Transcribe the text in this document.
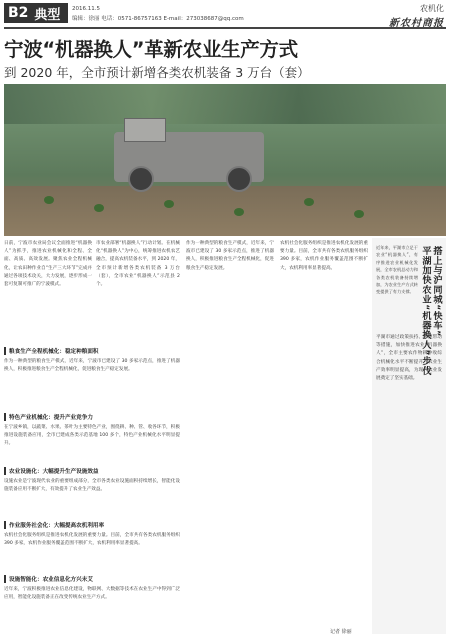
B2 典型 2016.11.5
编辑：徐丽 电话：0571-86757163 E-mail：273038687@qq.com
农机化
新农村商报
宁波“机器换人”革新农业生产方式
到 2020 年，全市预计新增各类农机装备 3 万台（套）
日前，宁波市农业局会议全面推进“机器换人”为抓手，推进农业机械化和全程、全面、高质、高效发展。聚焦农业全程机械化，让农田种作业自“生产三大环节”完成并通过各项技术攻关，大力发展，逐步形成一套可复制可推广的宁波模式。
市农业部署“机器换人”行动计划。在机械化“机器换人”为中心，统筹推进农机农艺融合，提高农机装备水平，到 2020 年，全市预计新增各类农机装备 3 万台（套），全市农业“机器换人”示范县 2 个。
粮食生产全程机械化：稳定种粮面积
作为一种典型的粮食生产模式，近年来，宁波市已建设了 30 多家示范点，推进了机器换人，积极推进粮食生产全程机械化，促进粮食生产稳定发展。
特色产业机械化：提升产业竞争力
在宁波乡镇，以蔬菜、水果、茶叶为主要特色产业，围绕耕、种、管、收各环节，积极推进设施装备应用，全市已建成各类示范基地 100 多个，特色产业机械化水平明显提升。
农业设施化：大幅提升生产设施效益
设施农业是宁波现代农业的重要组成部分，全市各类农业设施面积持续增长，智能化设施装备应用不断扩大，有效提升了农业生产效益。
作业服务社会化：大幅提高农机利用率
农机社会化服务组织是推进农机化发展的重要力量。目前，全市共有各类农机服务组织 390 多家，农机作业服务覆盖范围不断扩大，农机利用率显著提高。
设施智能化：农业信息化方兴未艾
近年来，宁波积极推进农业信息化建设，物联网、大数据等技术在农业生产中得到广泛应用，智能化设施装备正在改变传统农业生产方式。
作为一种典型的粮食生产模式，近年来，宁波市已建设了 30 多家示范点，推进了机器换人，积极推进粮食生产全程机械化，促进粮食生产稳定发展。
农机社会化服务组织是推进农机化发展的重要力量。目前，全市共有各类农机服务组织 390 多家，农机作业服务覆盖范围不断扩大，农机利用率显著提高。
记者 徐丽
近年来，平湖市立足于农业“机器换人”，有序推进农业机械化发展，全市农机总动力和各类农机装备持续增加，为农业生产方式转变提供了有力支撑。	搭上与沪同城“快车”
平湖加快农业“机器换人”步伐
平湖市通过政策扶持、示范带动等措施，加快推进农业“机器换人”，全市主要农作物耕种收综合机械化水平不断提升，农业生产效率明显提高，为现代农业发展奠定了坚实基础。
